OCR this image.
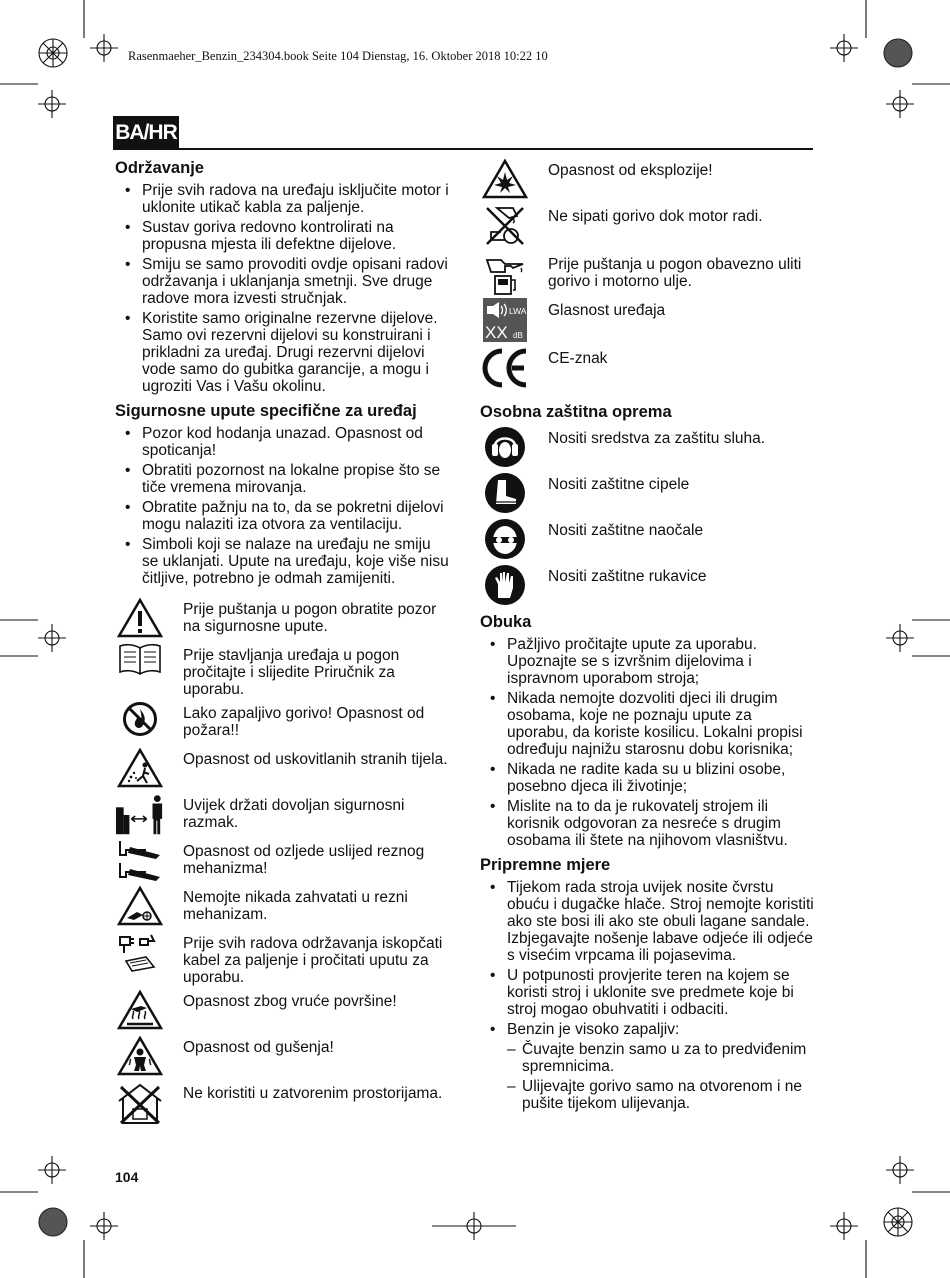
Rasenmaeher_Benzin_234304.book Seite 104 Dienstag, 16. Oktober 2018 10:22 10
BA/HR
Održavanje
• Prije svih radova na uređaju isključite motor i uklonite utikač kabla za paljenje.
• Sustav goriva redovno kontrolirati na propusna mjesta ili defektne dijelove.
• Smiju se samo provoditi ovdje opisani radovi održavanja i uklanjanja smetnji. Sve druge radove mora izvesti stručnjak.
• Koristite samo originalne rezervne dijelove. Samo ovi rezervni dijelovi su konstruirani i prikladni za uređaj. Drugi rezervni dijelovi vode samo do gubitka garancije, a mogu i ugroziti Vas i Vašu okolinu.
Sigurnosne upute specifične za uređaj
• Pozor kod hodanja unazad. Opasnost od spoticanja!
• Obratiti pozornost na lokalne propise što se tiče vremena mirovanja.
• Obratite pažnju na to, da se pokretni dijelovi mogu nalaziti iza otvora za ventilaciju.
• Simboli koji se nalaze na uređaju ne smiju se uklanjati. Upute na uređaju, koje više nisu čitljive, potrebno je odmah zamijeniti.
Prije puštanja u pogon obratite pozor na sigurnosne upute.
Prije stavljanja uređaja u pogon pročitajte i slijedite Priručnik za uporabu.
Lako zapaljivo gorivo! Opasnost od požara!!
Opasnost od uskovitlanih stranih tijela.
Uvijek držati dovoljan sigurnosni razmak.
Opasnost od ozljede uslijed reznog mehanizma!
Nemojte nikada zahvatati u rezni mehanizam.
Prije svih radova održavanja iskopčati kabel za paljenje i pročitati uputu za uporabu.
Opasnost zbog vruće površine!
Opasnost od gušenja!
Ne koristiti u zatvorenim prostorijama.
Opasnost od eksplozije!
Ne sipati gorivo dok motor radi.
Prije puštanja u pogon obavezno uliti gorivo i motorno ulje.
LWA
XX dB
Glasnost uređaja
CE-znak
Osobna zaštitna oprema
Nositi sredstva za zaštitu sluha.
Nositi zaštitne cipele
Nositi zaštitne naočale
Nositi zaštitne rukavice
Obuka
• Pažljivo pročitajte upute za uporabu. Upoznajte se s izvršnim dijelovima i ispravnom uporabom stroja;
• Nikada nemojte dozvoliti djeci ili drugim osobama, koje ne poznaju upute za uporabu, da koriste kosilicu. Lokalni propisi određuju najnižu starosnu dobu korisnika;
• Nikada ne radite kada su u blizini osobe, posebno djeca ili životinje;
• Mislite na to da je rukovatelj strojem ili korisnik odgovoran za nesreće s drugim osobama ili štete na njihovom vlasništvu.
Pripremne mjere
• Tijekom rada stroja uvijek nosite čvrstu obuću i dugačke hlače. Stroj nemojte koristiti ako ste bosi ili ako ste obuli lagane sandale. Izbjegavajte nošenje labave odjeće ili odjeće s visećim vrpcama ili pojasevima.
• U potpunosti provjerite teren na kojem se koristi stroj i uklonite sve predmete koje bi stroj mogao obuhvatiti i odbaciti.
• Benzin je visoko zapaljiv:
– Čuvajte benzin samo u za to predviđenim spremnicima.
– Ulijevajte gorivo samo na otvorenom i ne pušite tijekom ulijevanja.
104
